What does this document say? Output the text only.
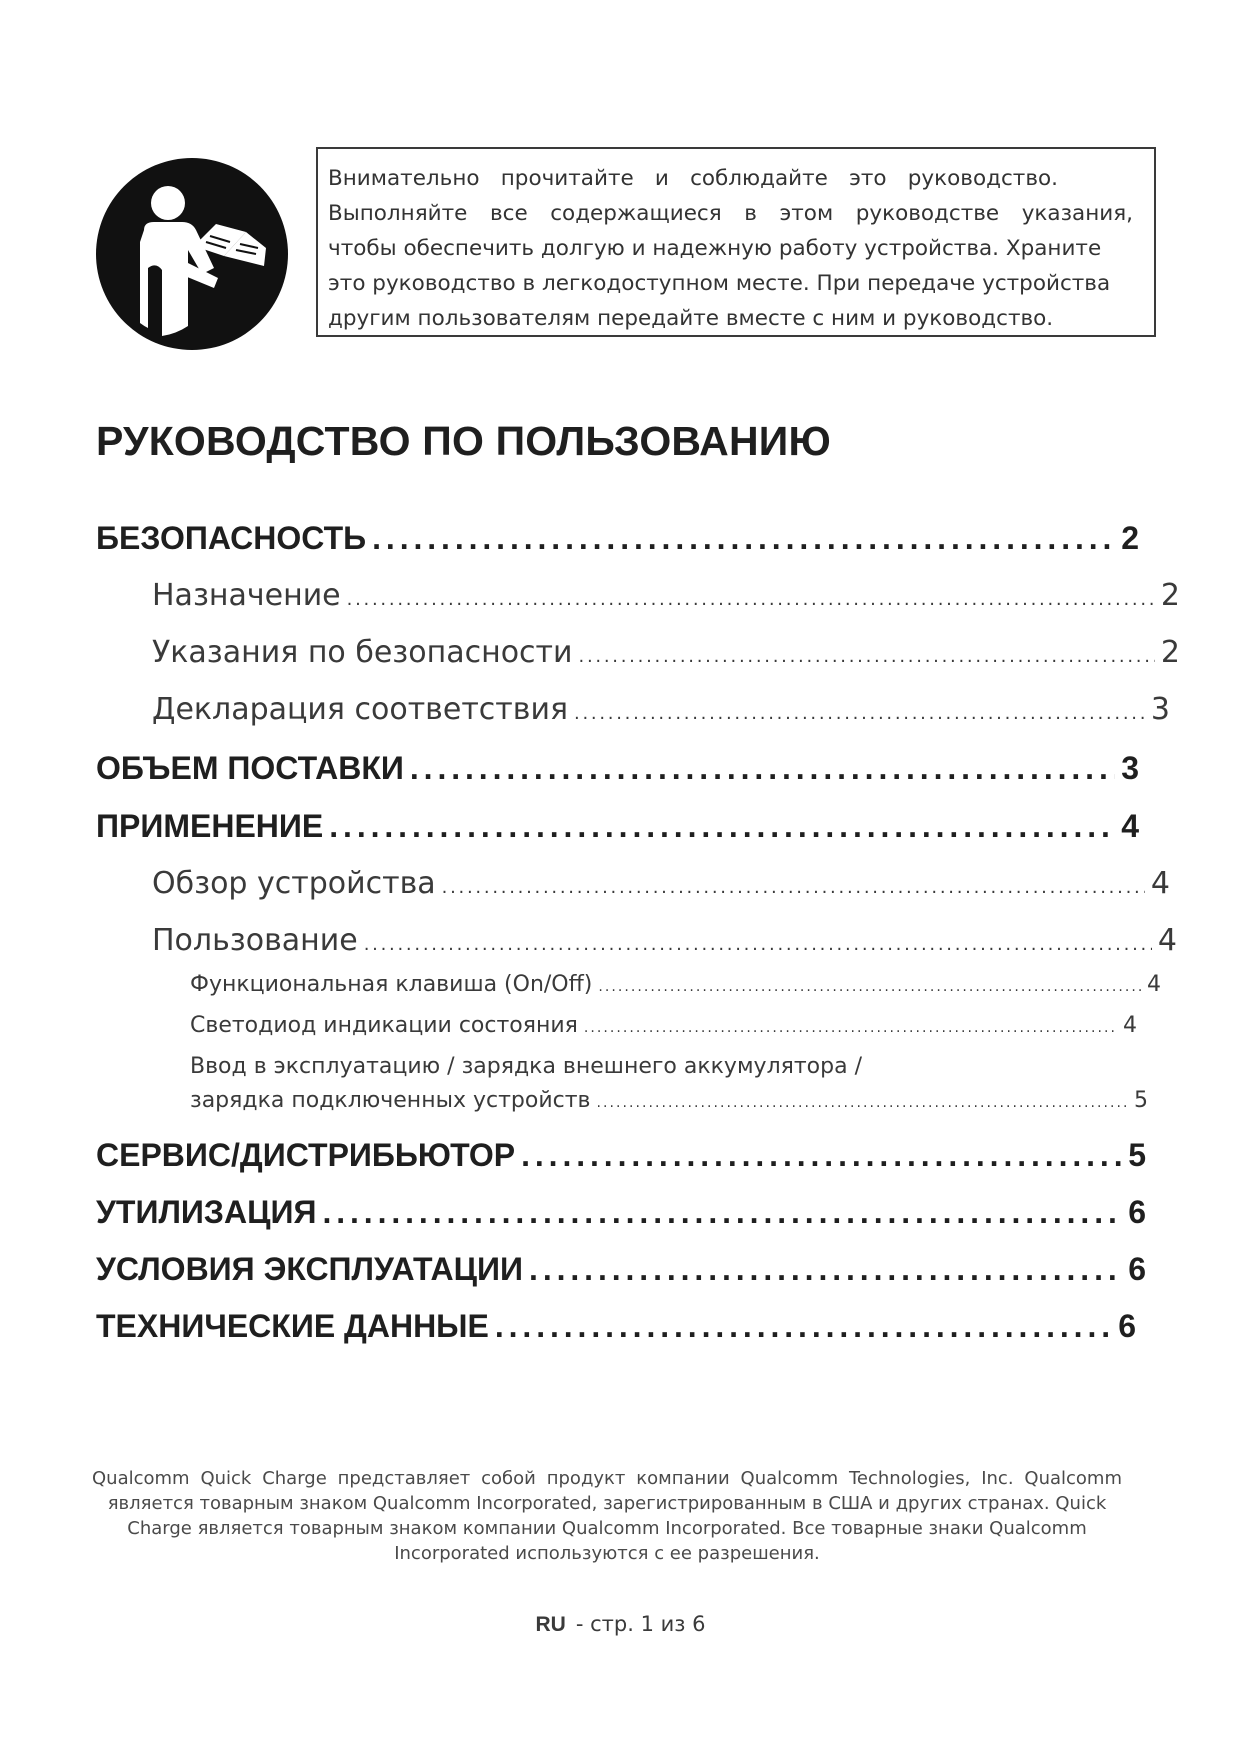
Внимательно прочитайте и соблюдайте это руководство.
Выполняйте все содержащиеся в этом руководстве указания,
чтобы обеспечить долгую и надежную работу устройства. Храните
это руководство в легкодоступном месте. При передаче устройства
другим пользователям передайте вместе с ним и руководство.
РУКОВОДСТВО ПО ПОЛЬЗОВАНИЮ
БЕЗОПАСНОСТЬ . . .	2
Назначение . . .	2
Указания по безопасности . . .	2
Декларация соответствия . . .	3
ОБЪЕМ ПОСТАВКИ . . .	3
ПРИМЕНЕНИЕ . . .	4
Обзор устройства . . .	4
Пользование . . .	4
Функциональная клавиша (On/Off) . . .	4
Светодиод индикации состояния . . .	4
Ввод в эксплуатацию / зарядка внешнего аккумулятора /
зарядка подключенных устройств . . .	5
СЕРВИС/ДИСТРИБЬЮТОР . . .	5
УТИЛИЗАЦИЯ . . .	6
УСЛОВИЯ ЭКСПЛУАТАЦИИ . . .	6
ТЕХНИЧЕСКИЕ ДАННЫЕ . . .	6
Qualcomm Quick Charge представляет собой продукт компании Qualcomm Technologies, Inc. Qualcomm
является товарным знаком Qualcomm Incorporated, зарегистрированным в США и других странах. Quick
Charge является товарным знаком компании Qualcomm Incorporated. Все товарные знаки Qualcomm
Incorporated используются с ее разрешения.
RU - стр. 1 из 6
